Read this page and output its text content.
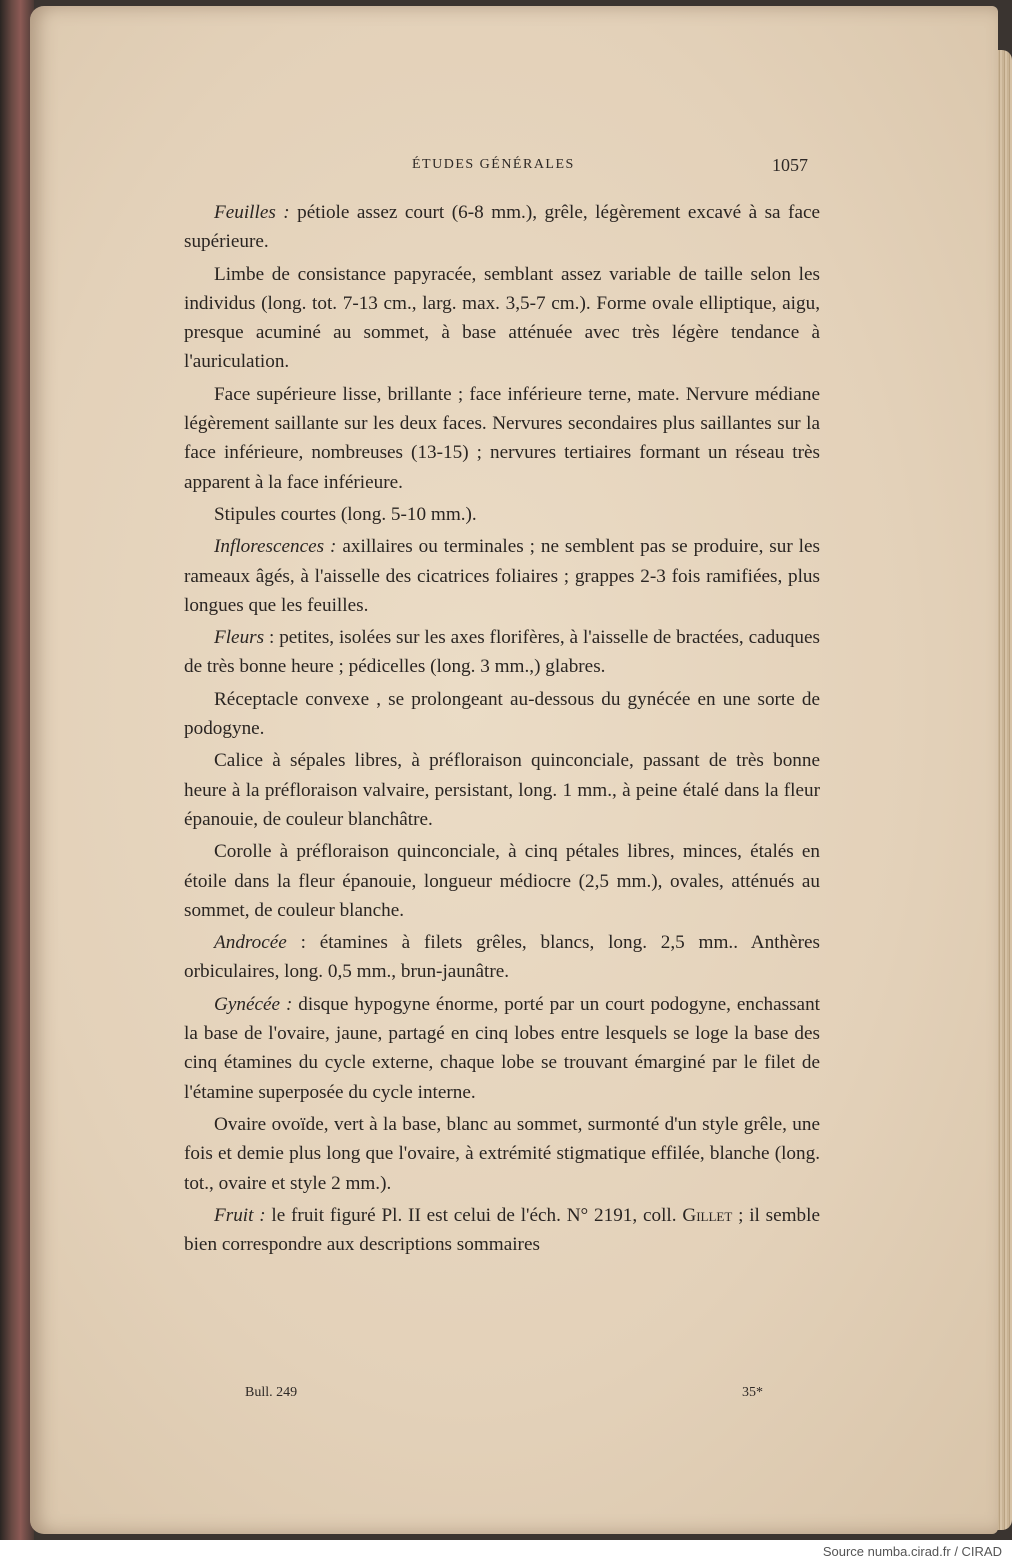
ÉTUDES GÉNÉRALES	1057

Feuilles : pétiole assez court (6-8 mm.), grêle, légèrement excavé à sa face supérieure.

Limbe de consistance papyracée, semblant assez variable de taille selon les individus (long. tot. 7-13 cm., larg. max. 3,5-7 cm.). Forme ovale elliptique, aigu, presque acuminé au sommet, à base atténuée avec très légère tendance à l'auriculation.

Face supérieure lisse, brillante ; face inférieure terne, mate. Nervure médiane légèrement saillante sur les deux faces. Nervures secondaires plus saillantes sur la face inférieure, nombreuses (13-15) ; nervures tertiaires formant un réseau très apparent à la face inférieure.

Stipules courtes (long. 5-10 mm.).

Inflorescences : axillaires ou terminales ; ne semblent pas se produire, sur les rameaux âgés, à l'aisselle des cicatrices foliaires ; grappes 2-3 fois ramifiées, plus longues que les feuilles.

Fleurs : petites, isolées sur les axes florifères, à l'aisselle de bractées, caduques de très bonne heure ; pédicelles (long. 3 mm.,) glabres.

Réceptacle convexe , se prolongeant au-dessous du gynécée en une sorte de podogyne.

Calice à sépales libres, à préfloraison quinconciale, passant de très bonne heure à la préfloraison valvaire, persistant, long. 1 mm., à peine étalé dans la fleur épanouie, de couleur blanchâtre.

Corolle à préfloraison quinconciale, à cinq pétales libres, minces, étalés en étoile dans la fleur épanouie, longueur médiocre (2,5 mm.), ovales, atténués au sommet, de couleur blanche.

Androcée : étamines à filets grêles, blancs, long. 2,5 mm.. Anthères orbiculaires, long. 0,5 mm., brun-jaunâtre.

Gynécée : disque hypogyne énorme, porté par un court podogyne, enchassant la base de l'ovaire, jaune, partagé en cinq lobes entre lesquels se loge la base des cinq étamines du cycle externe, chaque lobe se trouvant émarginé par le filet de l'étamine superposée du cycle interne.

Ovaire ovoïde, vert à la base, blanc au sommet, surmonté d'un style grêle, une fois et demie plus long que l'ovaire, à extrémité stigmatique effilée, blanche (long. tot., ovaire et style 2 mm.).

Fruit : le fruit figuré Pl. II est celui de l'éch. N° 2191, coll. Gillet ; il semble bien correspondre aux descriptions sommaires

Bull. 249	35*
Source numba.cirad.fr / CIRAD
